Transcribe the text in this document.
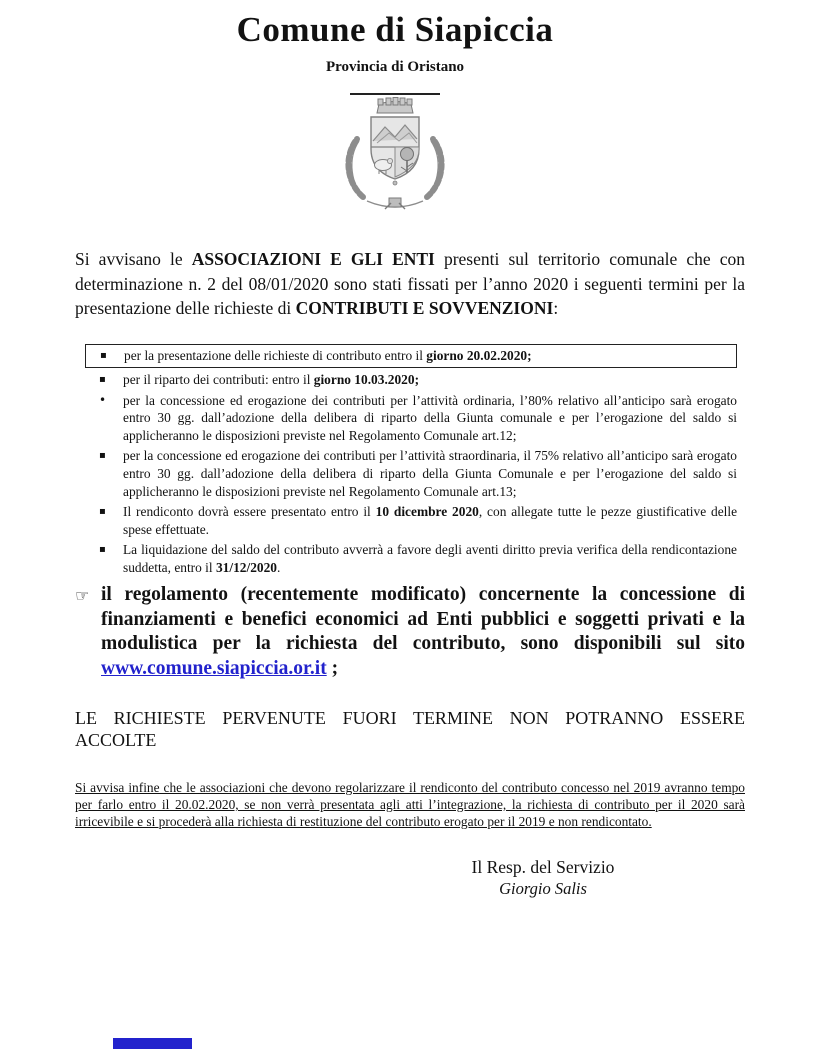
Comune di Siapiccia
Provincia di Oristano

Si avvisano le ASSOCIAZIONI E GLI ENTI presenti sul territorio comunale che con determinazione n. 2 del 08/01/2020 sono stati fissati per l’anno 2020 i seguenti termini per la presentazione delle richieste di CONTRIBUTI E SOVVENZIONI:

▪	per la presentazione delle richieste di contributo entro il giorno 20.02.2020;
▪	per il riparto dei contributi: entro il giorno 10.03.2020;
•	per la concessione ed erogazione dei contributi per l’attività ordinaria, l’80% relativo all’anticipo sarà erogato entro 30 gg. dall’adozione della delibera di riparto della Giunta comunale e per l’erogazione del saldo si applicheranno le disposizioni previste nel Regolamento Comunale art.12;
▪	per la concessione ed erogazione dei contributi per l’attività straordinaria, il 75% relativo all’anticipo sarà erogato entro 30 gg. dall’adozione della delibera di riparto della Giunta Comunale e per l’erogazione del saldo si applicheranno le disposizioni previste nel Regolamento Comunale art.13;
▪	Il rendiconto dovrà essere presentato entro il 10 dicembre 2020, con allegate tutte le pezze giustificative delle spese effettuate.
▪	La liquidazione del saldo del contributo avverrà a favore degli aventi diritto previa verifica della rendicontazione suddetta, entro il 31/12/2020.
☞ il regolamento (recentemente modificato) concernente la concessione di finanziamenti e benefici economici ad Enti pubblici e soggetti privati e la modulistica per la richiesta del contributo, sono disponibili sul sito www.comune.siapiccia.or.it ;

LE RICHIESTE PERVENUTE FUORI TERMINE NON POTRANNO ESSERE ACCOLTE

Si avvisa infine che le associazioni che devono regolarizzare il rendiconto del contributo concesso nel 2019 avranno tempo per farlo entro il 20.02.2020, se non verrà presentata agli atti l’integrazione, la richiesta di contributo per il 2020 sarà irricevibile e si procederà alla richiesta di restituzione del contributo erogato per il 2019 e non rendicontato.

Il Resp. del Servizio
Giorgio Salis
